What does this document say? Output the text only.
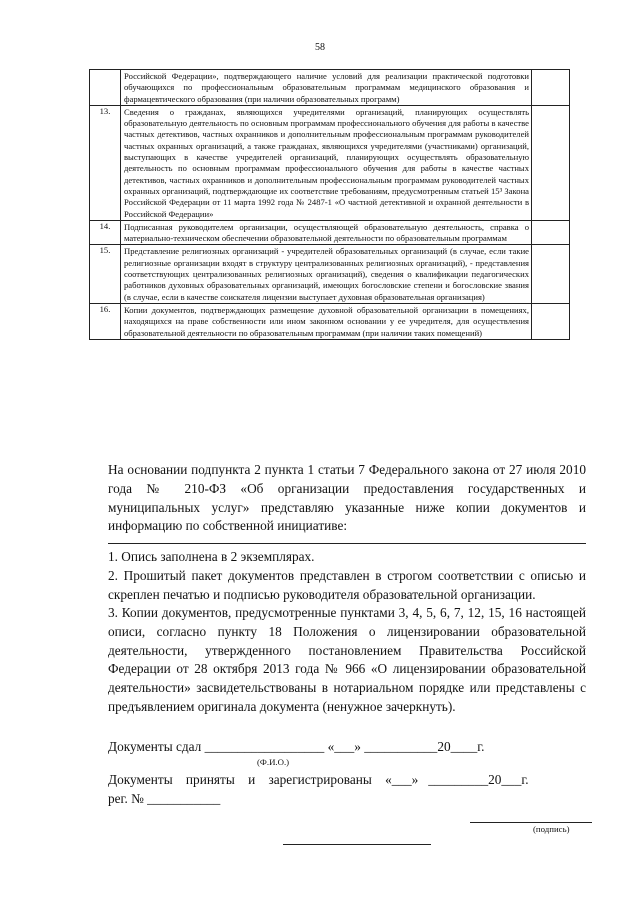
58
	Российской Федерации», подтверждающего наличие условий для реализации практической подготовки обучающихся по профессиональным образовательным программам медицинского образования и фармацевтического образования (при наличии образовательных программ)	
13.	Сведения о гражданах, являющихся учредителями организаций, планирующих осуществлять образовательную деятельность по основным программам профессионального обучения для работы в качестве частных детективов, частных охранников и дополнительным профессиональным программам руководителей частных охранных организаций, а также гражданах, являющихся учредителями (участниками) организаций, выступающих в качестве учредителей организаций, планирующих осуществлять образовательную деятельность по основным программам профессионального обучения для работы в качестве частных детективов, частных охранников и дополнительным профессиональным программам руководителей частных охранных организаций, подтверждающие их соответствие требованиям, предусмотренным статьей 15³ Закона Российской Федерации от 11 марта 1992 года № 2487-1 «О частной детективной и охранной деятельности в Российской Федерации»	
14.	Подписанная руководителем организации, осуществляющей образовательную деятельность, справка о материально-техническом обеспечении образовательной деятельности по образовательным программам	
15.	Представление религиозных организаций - учредителей образовательных организаций (в случае, если такие религиозные организации входят в структуру централизованных религиозных организаций), - представления соответствующих централизованных религиозных организаций), сведения о квалификации педагогических работников духовных образовательных организаций, имеющих богословские степени и богословские звания (в случае, если в качестве соискателя лицензии выступает духовная образовательная организация)	
16.	Копии документов, подтверждающих размещение духовной образовательной организации в помещениях, находящихся на праве собственности или ином законном основании у ее учредителя, для осуществления образовательной деятельности по образовательным программам (при наличии таких помещений)	
На основании подпункта 2 пункта 1 статьи 7 Федерального закона от 27 июля 2010 года № 210-ФЗ «Об организации предоставления государственных и муниципальных услуг» представляю указанные ниже копии документов и информацию по собственной инициативе:
1. Опись заполнена в 2 экземплярах.
2. Прошитый пакет документов представлен в строгом соответствии с описью и скреплен печатью и подписью руководителя образовательной организации.
3. Копии документов, предусмотренные пунктами 3, 4, 5, 6, 7, 12, 15, 16 настоящей описи, согласно пункту 18 Положения о лицензировании образовательной деятельности, утвержденного постановлением Правительства Российской Федерации от 28 октября 2013 года № 966 «О лицензировании образовательной деятельности» засвидетельствованы в нотариальном порядке или представлены с предъявлением оригинала документа (ненужное зачеркнуть).
Документы сдал __________________ «___» ___________20____г.
(Ф.И.О.)
Документы    приняты    и    зарегистрированы    «___»   _________20___г.
рег. № ___________
(подпись)
